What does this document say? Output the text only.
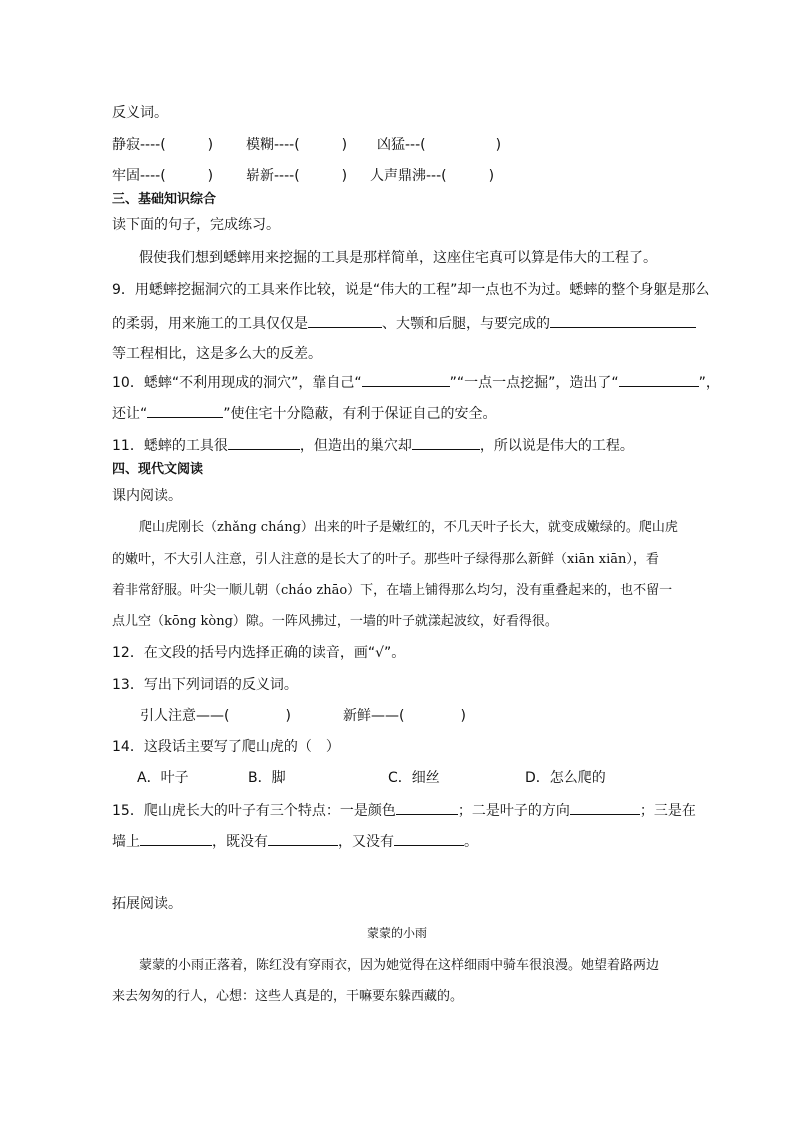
反义词。
静寂----(　　　) 模糊----(　　　) 凶猛---(　　　　　)
牢固----(　　　) 崭新----(　　　) 人声鼎沸---(　　　)
三、基础知识综合
读下面的句子，完成练习。
假使我们想到蟋蟀用来挖掘的工具是那样简单，这座住宅真可以算是伟大的工程了。
9．用蟋蟀挖掘洞穴的工具来作比较，说是“伟大的工程”却一点也不为过。蟋蟀的整个身躯是那么
的柔弱，用来施工的工具仅仅是	、大颚和后腿，与要完成的
等工程相比，这是多么大的反差。
10．蟋蟀“不利用现成的洞穴”，靠自己“	”“一点一点挖掘”，造出了“	”，
还让“	”使住宅十分隐蔽，有利于保证自己的安全。
11．蟋蟀的工具很	，但造出的巢穴却	，所以说是伟大的工程。
四、现代文阅读
课内阅读。
爬山虎刚长（zhǎng cháng）出来的叶子是嫩红的，不几天叶子长大，就变成嫩绿的。爬山虎
的嫩叶，不大引人注意，引人注意的是长大了的叶子。那些叶子绿得那么新鲜（xiān xiān），看
着非常舒服。叶尖一顺儿朝（cháo zhāo）下，在墙上铺得那么均匀，没有重叠起来的，也不留一
点儿空（kōng kòng）隙。一阵风拂过，一墙的叶子就漾起波纹，好看得很。
12．在文段的括号内选择正确的读音，画“√”。
13．写出下列词语的反义词。
引人注意——(　　　　)	新鲜——(　　　　)
14．这段话主要写了爬山虎的（　）
A．叶子	B．脚	C．细丝	D．怎么爬的
15．爬山虎长大的叶子有三个特点：一是颜色	；二是叶子的方向	；三是在
墙上	，既没有	，又没有	。
拓展阅读。
蒙蒙的小雨
蒙蒙的小雨正落着，陈红没有穿雨衣，因为她觉得在这样细雨中骑车很浪漫。她望着路两边
来去匆匆的行人，心想：这些人真是的，干嘛要东躲西藏的。
